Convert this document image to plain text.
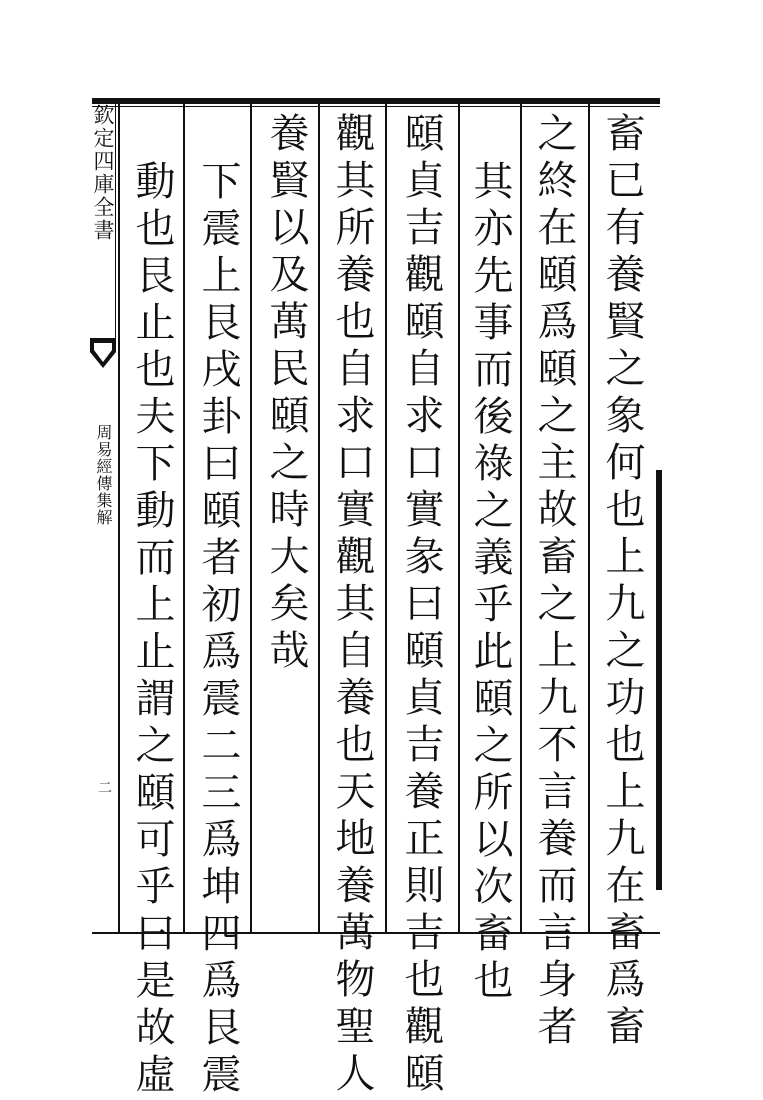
欽定四庫全書
周易經傳集解
二	畜已有養賢之象何也上九之功也上九在畜爲畜
之終在頤爲頤之主故畜之上九不言養而言身者
其亦先事而後祿之義乎此頤之所以次畜也
頤貞吉觀頤自求口實彖曰頤貞吉養正則吉也觀頤
觀其所養也自求口實觀其自養也天地養萬物聖人
養賢以及萬民頤之時大矣哉
下震上艮戌卦曰頤者初爲震二三爲坤四爲艮震
動也艮止也夫下動而上止謂之頤可乎曰是故虛
